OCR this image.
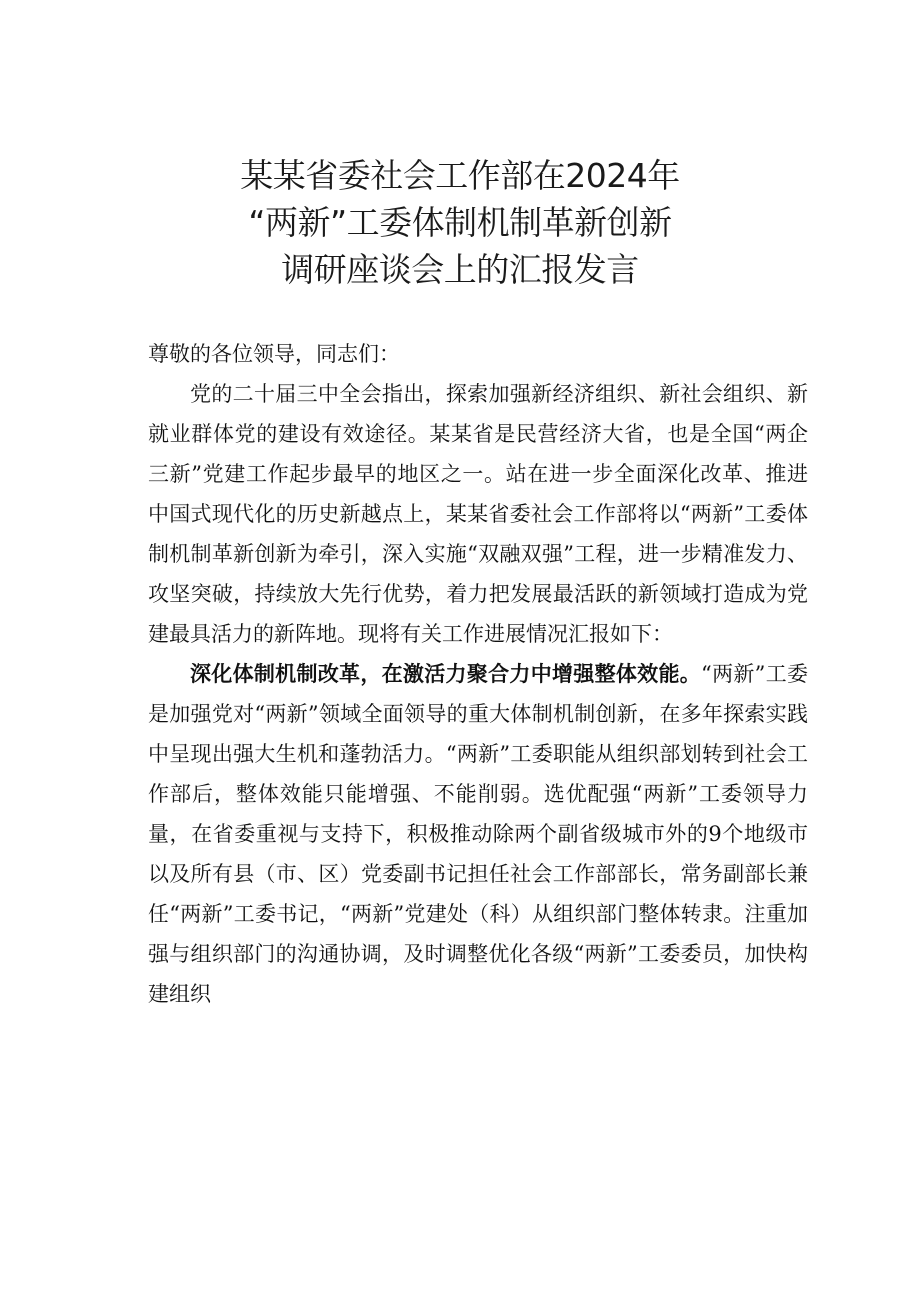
某某省委社会工作部在2024年
“两新”工委体制机制革新创新
调研座谈会上的汇报发言

尊敬的各位领导，同志们：

党的二十届三中全会指出，探索加强新经济组织、新社会组织、新就业群体党的建设有效途径。某某省是民营经济大省，也是全国“两企三新”党建工作起步最早的地区之一。站在进一步全面深化改革、推进中国式现代化的历史新越点上，某某省委社会工作部将以“两新”工委体制机制革新创新为牵引，深入实施“双融双强”工程，进一步精准发力、攻坚突破，持续放大先行优势，着力把发展最活跃的新领域打造成为党建最具活力的新阵地。现将有关工作进展情况汇报如下：

深化体制机制改革，在激活力聚合力中增强整体效能。“两新”工委是加强党对“两新”领域全面领导的重大体制机制创新，在多年探索实践中呈现出强大生机和蓬勃活力。“两新”工委职能从组织部划转到社会工作部后，整体效能只能增强、不能削弱。选优配强“两新”工委领导力量，在省委重视与支持下，积极推动除两个副省级城市外的9个地级市以及所有县（市、区）党委副书记担任社会工作部部长，常务副部长兼任“两新”工委书记，“两新”党建处（科）从组织部门整体转隶。注重加强与组织部门的沟通协调，及时调整优化各级“两新”工委委员，加快构建组织
